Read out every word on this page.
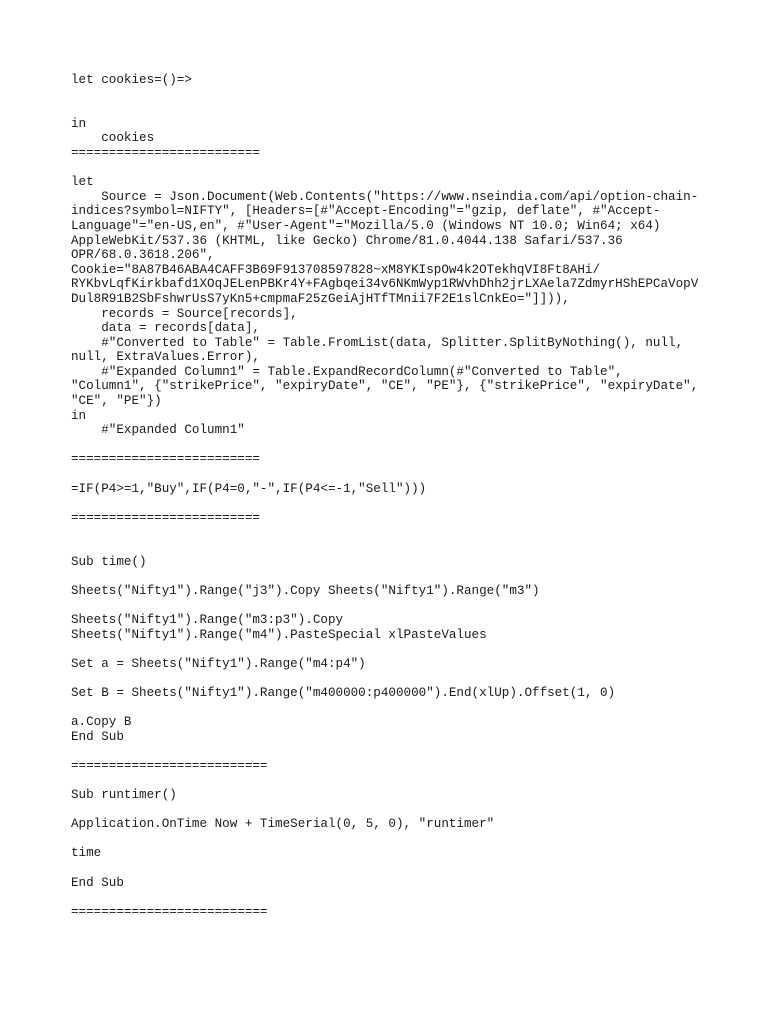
let cookies=()=>
in
cookies
=========================
let
Source = Json.Document(Web.Contents("https://www.nseindia.com/api/option-chain-
indices?symbol=NIFTY", [Headers=[#"Accept-Encoding"="gzip, deflate", #"Accept-
Language"="en-US,en", #"User-Agent"="Mozilla/5.0 (Windows NT 10.0; Win64; x64)
AppleWebKit/537.36 (KHTML, like Gecko) Chrome/81.0.4044.138 Safari/537.36
OPR/68.0.3618.206",
Cookie="8A87B46ABA4CAFF3B69F913708597828~xM8YKIspOw4k2OTekhqVI8Ft8AHi/
RYKbvLqfKirkbafd1XOqJELenPBKr4Y+FAgbqei34v6NKmWyp1RWvhDhh2jrLXAela7ZdmyrHShEPCaVopV
Dul8R91B2SbFshwrUsS7yKn5+cmpmaF25zGeiAjHTfTMnii7F2E1slCnkEo="]])),
records = Source[records],
data = records[data],
#"Converted to Table" = Table.FromList(data, Splitter.SplitByNothing(), null,
null, ExtraValues.Error),
#"Expanded Column1" = Table.ExpandRecordColumn(#"Converted to Table",
"Column1", {"strikePrice", "expiryDate", "CE", "PE"}, {"strikePrice", "expiryDate",
"CE", "PE"})
in
#"Expanded Column1"
=========================
=IF(P4>=1,"Buy",IF(P4=0,"-",IF(P4<=-1,"Sell")))
=========================
Sub time()
Sheets("Nifty1").Range("j3").Copy Sheets("Nifty1").Range("m3")
Sheets("Nifty1").Range("m3:p3").Copy
Sheets("Nifty1").Range("m4").PasteSpecial xlPasteValues
Set a = Sheets("Nifty1").Range("m4:p4")
Set B = Sheets("Nifty1").Range("m400000:p400000").End(xlUp).Offset(1, 0)
a.Copy B
End Sub
==========================
Sub runtimer()
Application.OnTime Now + TimeSerial(0, 5, 0), "runtimer"
time
End Sub
==========================
